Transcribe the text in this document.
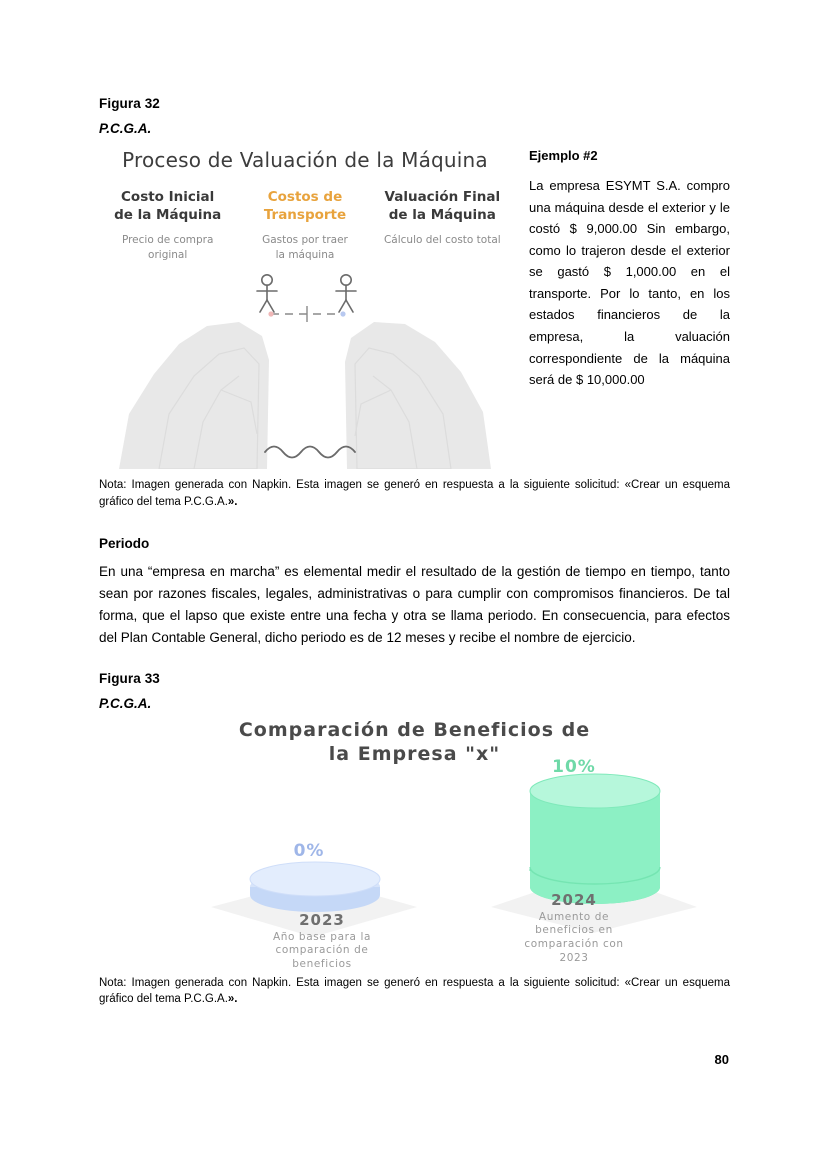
Figura 32

P.C.G.A.

Proceso de Valuación de la Máquina
Costo Inicial
de la Máquina
Precio de compra
original
Costos de
Transporte
Gastos por traer
la máquina
Valuación Final
de la Máquina
Cálculo del costo total

Ejemplo #2

La empresa ESYMT S.A. compro una máquina desde el exterior y le costó $ 9,000.00 Sin embargo, como lo trajeron desde el exterior se gastó $ 1,000.00 en el transporte. Por lo tanto, en los estados financieros de la empresa, la valuación correspondiente de la máquina será de $ 10,000.00

Nota: Imagen generada con Napkin. Esta imagen se generó en respuesta a la siguiente solicitud: «Crear un esquema gráfico del tema P.C.G.A.».

Periodo

En una “empresa en marcha” es elemental medir el resultado de la gestión de tiempo en tiempo, tanto sean por razones fiscales, legales, administrativas o para cumplir con compromisos financieros. De tal forma, que el lapso que existe entre una fecha y otra se llama periodo. En consecuencia, para efectos del Plan Contable General, dicho periodo es de 12 meses y recibe el nombre de ejercicio.

Figura 33

P.C.G.A.

Comparación de Beneficios de
la Empresa "x"
0%
10%
2023
Año base para la
comparación de
beneficios
2024
Aumento de
beneficios en
comparación con
2023

Nota: Imagen generada con Napkin. Esta imagen se generó en respuesta a la siguiente solicitud: «Crear un esquema gráfico del tema P.C.G.A.».

80
